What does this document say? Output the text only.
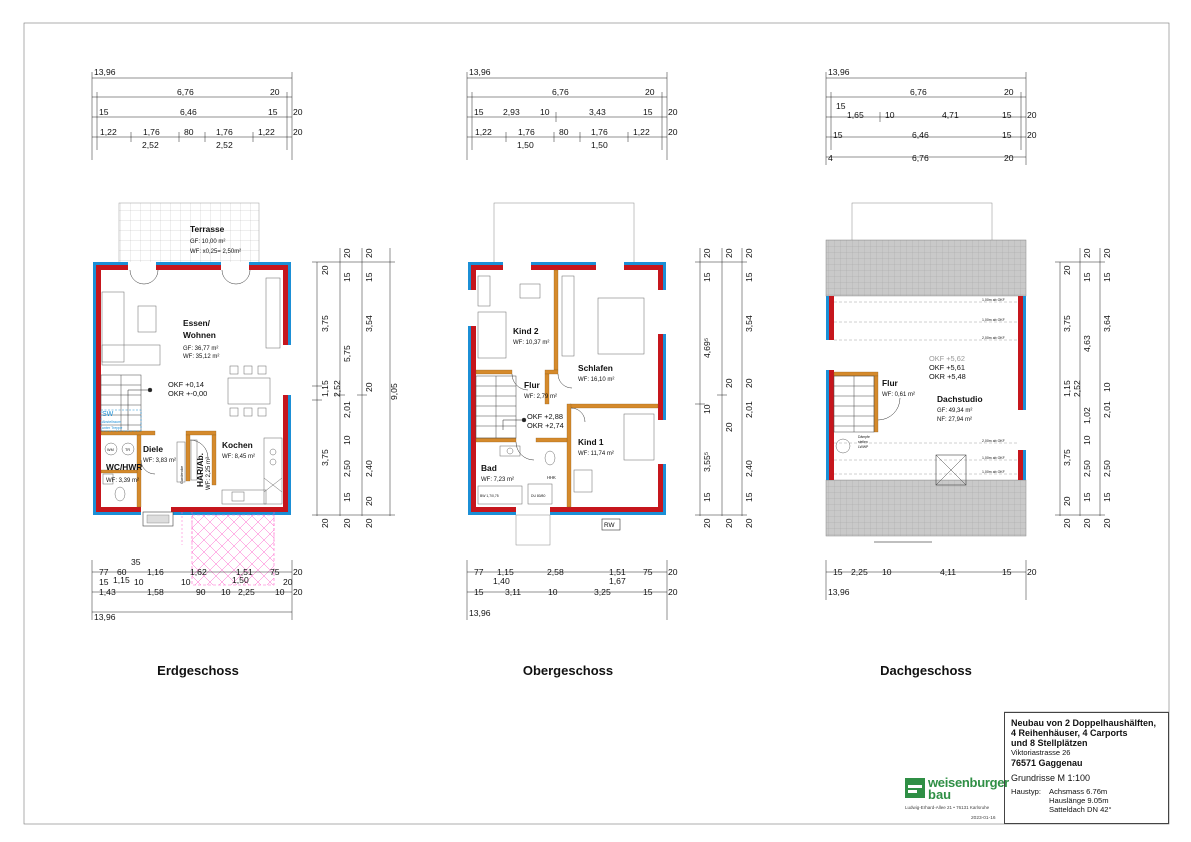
13,96
6,76	20
15	6,46	15 20
1,22	1,76	80	1,76	1,22 20
2,52	2,52
Terrasse
GF: 10,00 m²
WF: x0,25= 2,50m²
Essen/
Wohnen
GF: 36,77 m²
WF: 35,12 m²
Kochen
WF: 8,45 m²
Diele
WF: 3,83 m²
WC/HWR
WF: 3,39 m²	HAR/Ab. WF: 2,25 m²
OKF +0,14
OKR +-0,00
SW
Abstellraum
unter Treppe
WM	TR
Garderobe
20
20 20
15 15
3,75	3,54
5,75
1,15 2,52	20 9,05
2,01
3,75
2,50
10
2,40
15
20 20 20
20
35
77 60 1,16	1,51 75 20
15 1,15 10	10
1,62
1,50
20
1,43	1,58	90 10 2,25 10
20
13,96
13,96
6,76	20
15 2,93 10	3,43	15 20
1,22	1,76	80	1,76	1,22 20
1,50	1,50
RW
Kind 2
WF: 10,37 m²
Schlafen
WF: 16,10 m²
Flur
WF: 2,79 m²
Kind 1
WF: 11,74 m²
Bad
WF: 7,23 m²
OKF +2,88
OKR +2,74
HHK
BW 1,7/0,75	DU 80/80
20 20 20
15	15
4,69⁵
3,54
20 20
10	2,01
3,55⁵	2,40
15	15
20 20 20
20
77 1,15	2,58	1,51 75 20
1,40	1,67
15 3,11	10	3,25	15 20
13,96
13,96
6,76	20
15
1,65 10	4,71	15 20
15	6,46	15 20
4	6,76	20
Flur
WF: 0,61 m²	Dachstudio
GF: 49,34 m²
NF: 27,94 m²
OKF +5,62
OKF +5,61
OKR +5,48
1,00m ab OKF
1,00m ab OKF
2,00m ab OKF
2,00m ab OKF
1,00m ab OKF
1,00m ab OKF
Dämpfe
stellen
LWWP
20
20 20
15 15
3,75
4,63
3,64
2,52
1,15	10
1,02 2,01
3,75
2,50
10
2,50
15 15
20 20 20
20
15 2,25 10	4,11	15 20
13,96
Erdgeschoss	Obergeschoss	Dachgeschoss
weisenburger
bau
Ludwig-Erhard-Allee 21 • 76131 Karlsruhe
2023-01-16
Neubau von 2 Doppelhaushälften,
4 Reihenhäuser, 4 Carports
und 8 Stellplätzen
Viktoriastrasse 26
76571 Gaggenau
Grundrisse M 1:100
Haustyp:	Achsmass 6.76m
Hauslänge 9.05m
Satteldach DN 42°
